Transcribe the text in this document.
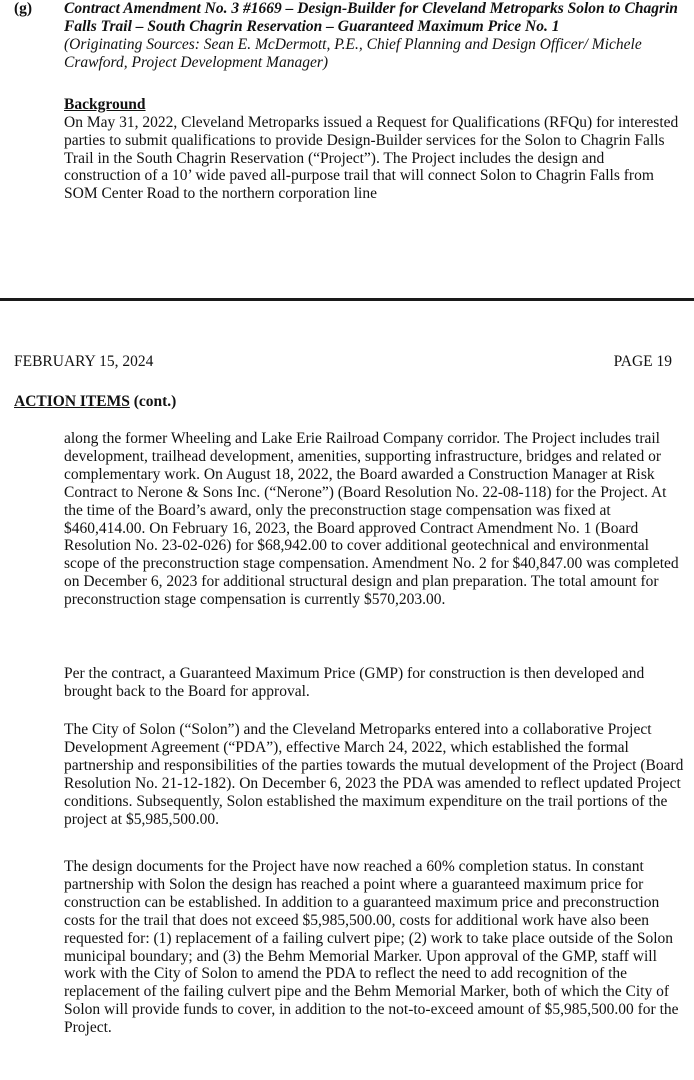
(g) Contract Amendment No. 3 #1669 – Design-Builder for Cleveland Metroparks Solon to Chagrin Falls Trail – South Chagrin Reservation – Guaranteed Maximum Price No. 1
(Originating Sources: Sean E. McDermott, P.E., Chief Planning and Design Officer/ Michele Crawford, Project Development Manager)
Background
On May 31, 2022, Cleveland Metroparks issued a Request for Qualifications (RFQu) for interested parties to submit qualifications to provide Design-Builder services for the Solon to Chagrin Falls Trail in the South Chagrin Reservation (“Project”). The Project includes the design and construction of a 10’ wide paved all-purpose trail that will connect Solon to Chagrin Falls from SOM Center Road to the northern corporation line
FEBRUARY 15, 2024	PAGE 19
ACTION ITEMS (cont.)

along the former Wheeling and Lake Erie Railroad Company corridor. The Project includes trail development, trailhead development, amenities, supporting infrastructure, bridges and related or complementary work. On August 18, 2022, the Board awarded a Construction Manager at Risk Contract to Nerone & Sons Inc. (“Nerone”) (Board Resolution No. 22-08-118) for the Project. At the time of the Board’s award, only the preconstruction stage compensation was fixed at $460,414.00. On February 16, 2023, the Board approved Contract Amendment No. 1 (Board Resolution No. 23-02-026) for $68,942.00 to cover additional geotechnical and environmental scope of the preconstruction stage compensation. Amendment No. 2 for $40,847.00 was completed on December 6, 2023 for additional structural design and plan preparation. The total amount for preconstruction stage compensation is currently $570,203.00.

Per the contract, a Guaranteed Maximum Price (GMP) for construction is then developed and brought back to the Board for approval.

The City of Solon (“Solon”) and the Cleveland Metroparks entered into a collaborative Project Development Agreement (“PDA”), effective March 24, 2022, which established the formal partnership and responsibilities of the parties towards the mutual development of the Project (Board Resolution No. 21-12-182). On December 6, 2023 the PDA was amended to reflect updated Project conditions. Subsequently, Solon established the maximum expenditure on the trail portions of the project at $5,985,500.00.

The design documents for the Project have now reached a 60% completion status. In constant partnership with Solon the design has reached a point where a guaranteed maximum price for construction can be established. In addition to a guaranteed maximum price and preconstruction costs for the trail that does not exceed $5,985,500.00, costs for additional work have also been requested for: (1) replacement of a failing culvert pipe; (2) work to take place outside of the Solon municipal boundary; and (3) the Behm Memorial Marker. Upon approval of the GMP, staff will work with the City of Solon to amend the PDA to reflect the need to add recognition of the replacement of the failing culvert pipe and the Behm Memorial Marker, both of which the City of Solon will provide funds to cover, in addition to the not-to-exceed amount of $5,985,500.00 for the Project.
